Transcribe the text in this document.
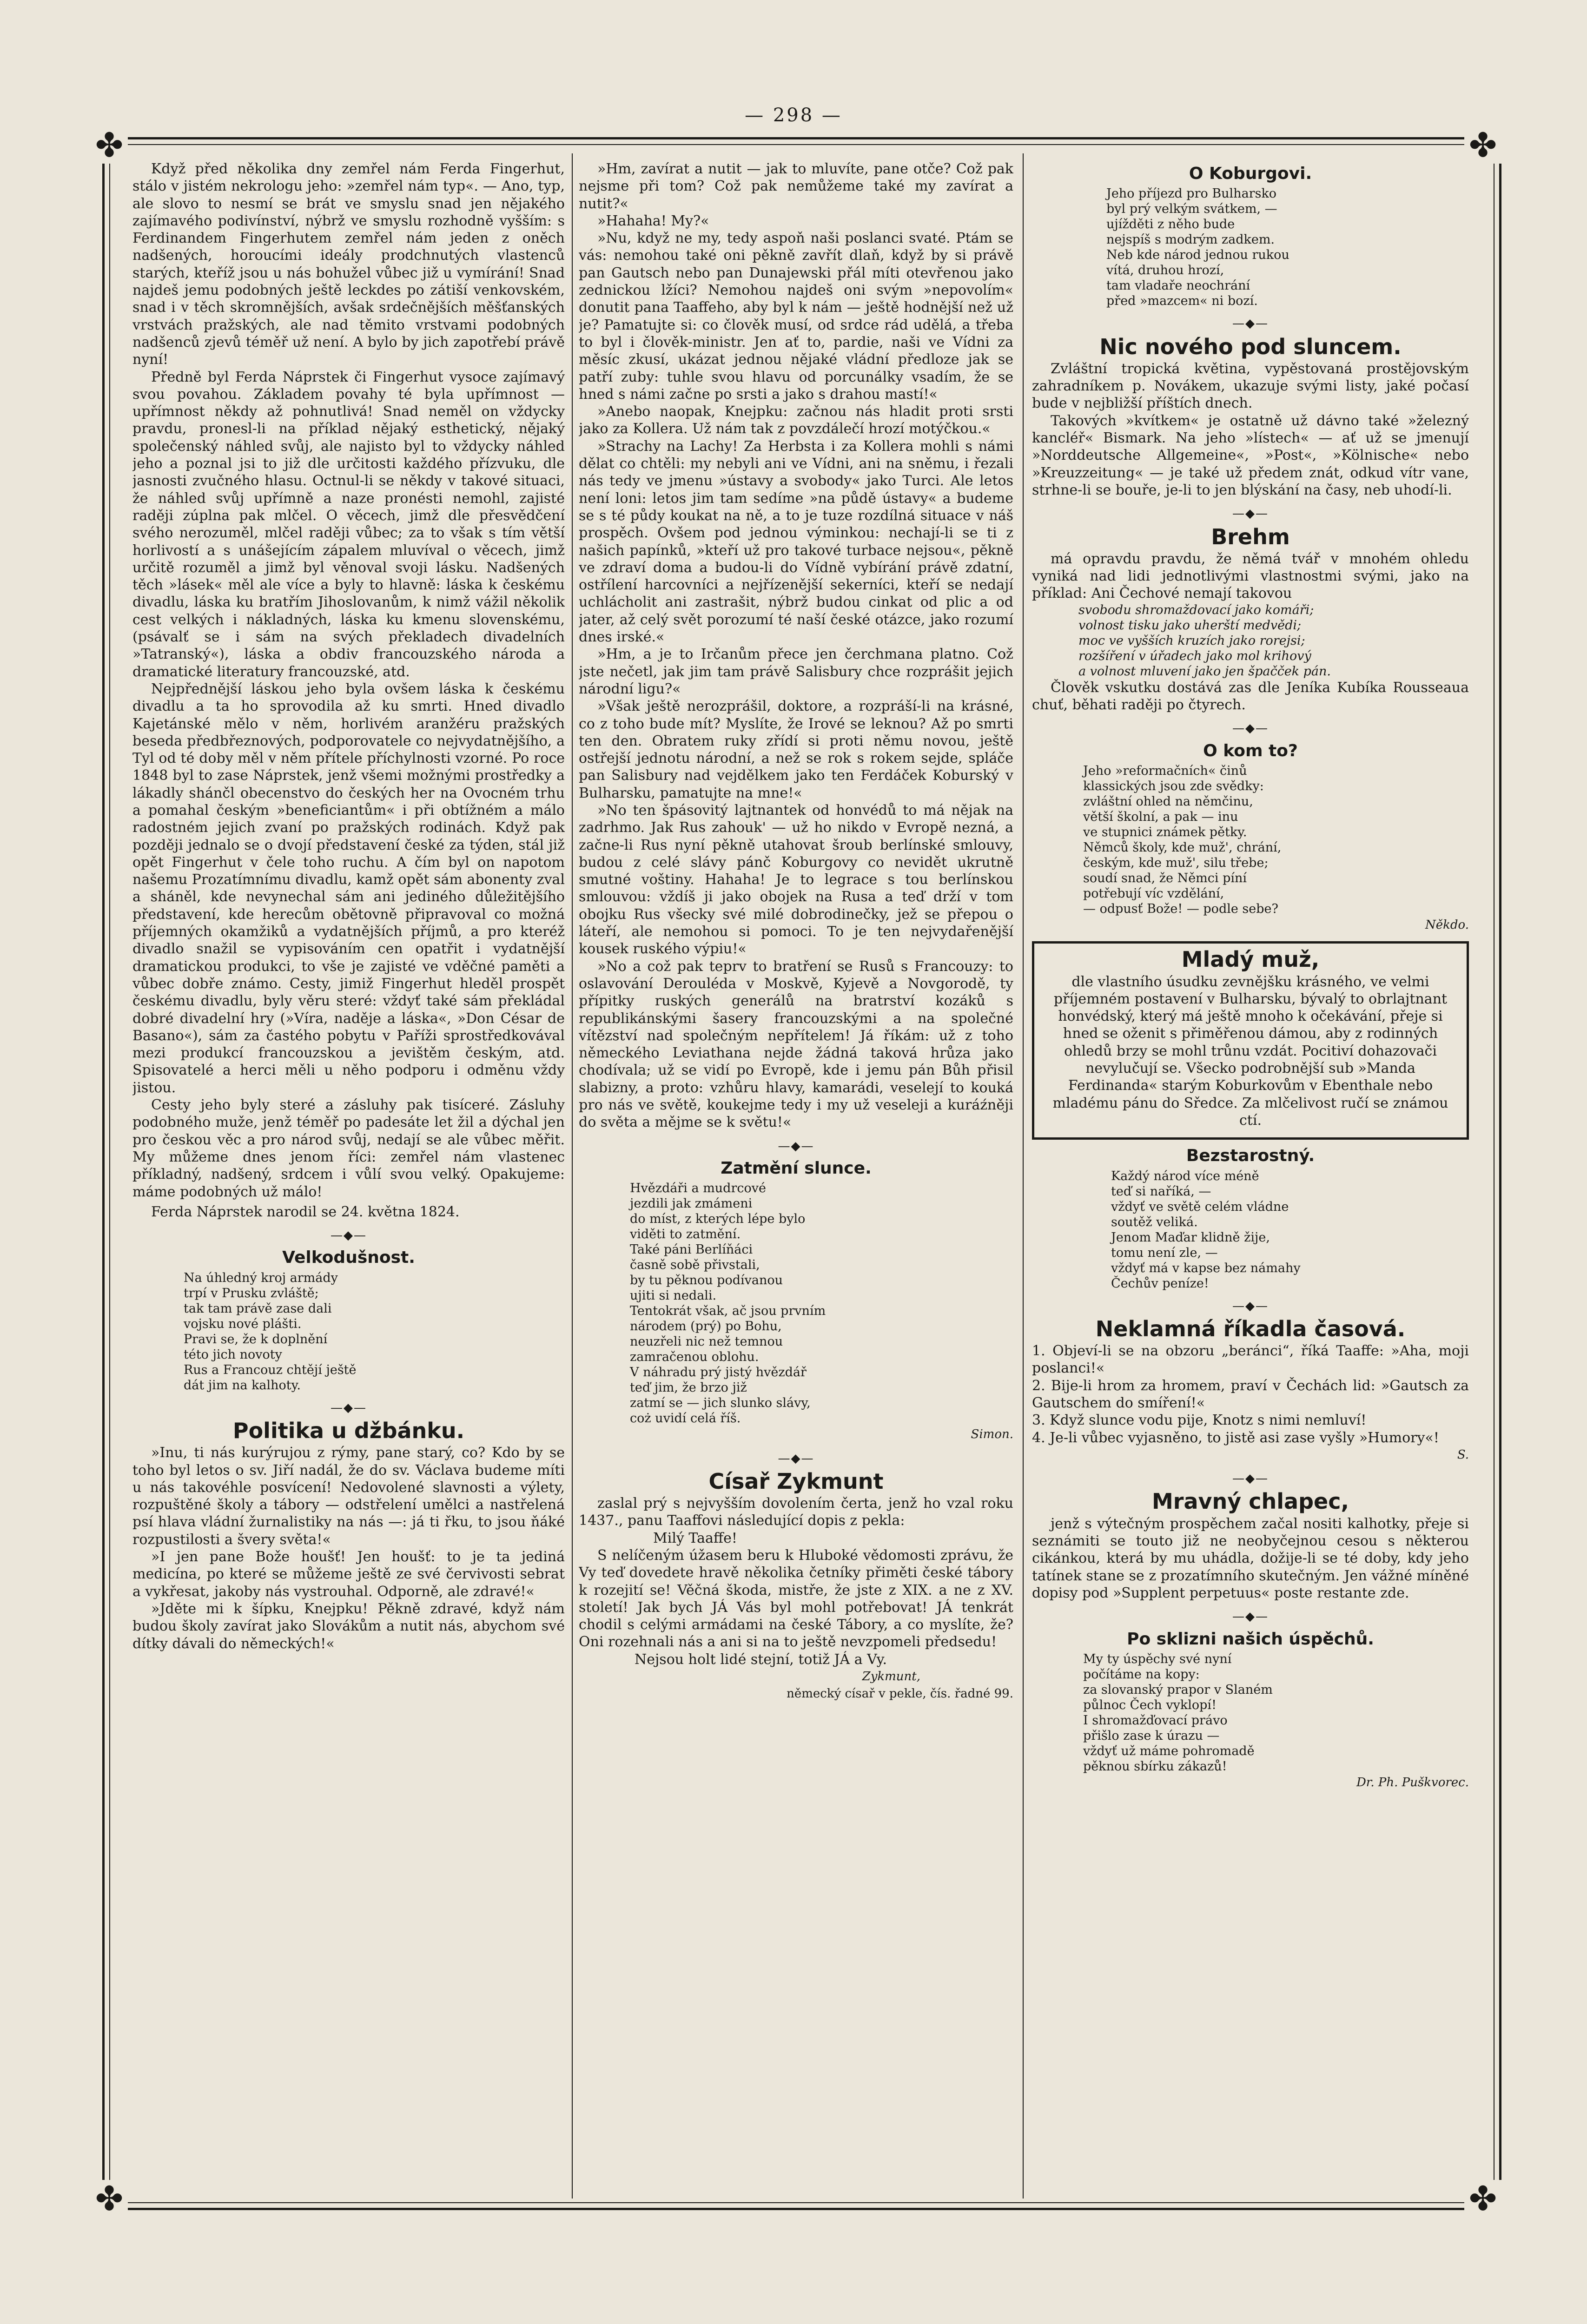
— 298 —
✤	✤
✤	✤

Když před několika dny zemřel nám Ferda Fingerhut, stálo v jistém nekrologu jeho: »zemřel nám typ«. — Ano, typ, ale slovo to nesmí se brát ve smyslu snad jen nějakého zajímavého podivínství, nýbrž ve smyslu rozhodně vyšším: s Ferdinandem Fingerhutem zemřel nám jeden z oněch nadšených, horoucími ideály prodchnutých vlastenců starých, kteříž jsou u nás bohužel vůbec již u vymírání! Snad najdeš jemu podobných ještě leckdes po zátiší venkovském, snad i v těch skromnějších, avšak srdečnějších měšťanských vrstvách pražských, ale nad těmito vrstvami podobných nadšenců zjevů téměř už není. A bylo by jich zapotřebí právě nyní!

Předně byl Ferda Náprstek či Fingerhut vysoce zajímavý svou povahou. Základem povahy té byla upřímnost — upřímnost někdy až pohnutlivá! Snad neměl on vždycky pravdu, pronesl-li na příklad nějaký esthetický, nějaký společenský náhled svůj, ale najisto byl to vždycky náhled jeho a poznal jsi to již dle určitosti každého přízvuku, dle jasnosti zvučného hlasu. Octnul-li se někdy v takové situaci, že náhled svůj upřímně a naze pronésti nemohl, zajisté raději zúplna pak mlčel. O věcech, jimž dle přesvědčení svého nerozuměl, mlčel raději vůbec; za to však s tím větší horlivostí a s unášejícím zápalem mluvíval o věcech, jimž určitě rozuměl a jimž byl věnoval svoji lásku. Nadšených těch »lásek« měl ale více a byly to hlavně: láska k českému divadlu, láska ku bratřím Jihoslovanům, k nimž vážil několik cest velkých i nákladných, láska ku kmenu slovenskému, (psávalť se i sám na svých překladech divadelních »Tatranský«), láska a obdiv francouzského národa a dramatické literatury francouzské, atd.

Nejpřednější láskou jeho byla ovšem láska k českému divadlu a ta ho sprovodila až ku smrti. Hned divadlo Kajetánské mělo v něm, horlivém aranžéru pražských beseda předbřeznových, podporovatele co nejvydatnějšího, a Tyl od té doby měl v něm přítele příchylnosti vzorné. Po roce 1848 byl to zase Náprstek, jenž všemi možnými prostředky a lákadly shánčl obecenstvo do českých her na Ovocném trhu a pomahal českým »beneficiantům« i při obtížném a málo radostném jejich zvaní po pražských rodinách. Když pak později jednalo se o dvojí představení české za týden, stál již opět Fingerhut v čele toho ruchu. A čím byl on napotom našemu Prozatímnímu divadlu, kamž opět sám abonenty zval a sháněl, kde nevynechal sám ani jediného důležitějšího představení, kde herecům obětovně připravoval co možná příjemných okamžiků a vydatnějších příjmů, a pro kteréž divadlo snažil se vypisováním cen opatřit i vydatnější dramatickou produkci, to vše je zajisté ve vděčné paměti a vůbec dobře známo. Cesty, jimiž Fingerhut hleděl prospět českému divadlu, byly věru steré: vždyť také sám překládal dobré divadelní hry (»Víra, naděje a láska«, »Don César de Basano«), sám za častého pobytu v Paříži sprostředkovával mezi produkcí francouzskou a jevištěm českým, atd. Spisovatelé a herci měli u něho podporu i odměnu vždy jistou.

Cesty jeho byly steré a zásluhy pak tisíceré. Zásluhy podobného muže, jenž téměř po padesáte let žil a dýchal jen pro českou věc a pro národ svůj, nedají se ale vůbec měřit. My můžeme dnes jenom říci: zemřel nám vlastenec příkladný, nadšený, srdcem i vůlí svou velký. Opakujeme: máme podobných už málo!

Ferda Náprstek narodil se 24. května 1824.

—◆—
Velkodušnost.
Na úhledný kroj armády
trpí v Prusku zvláště;
tak tam právě zase dali
vojsku nové plášti.
Pravi se, že k doplnění
této jich novoty
Rus a Francouz chtějí ještě
dát jim na kalhoty.
—◆—
Politika u džbánku.

»Inu, ti nás kurýrujou z rýmy, pane starý, co? Kdo by se toho byl letos o sv. Jiří nadál, že do sv. Václava budeme míti u nás takovéhle posvícení! Nedovolené slavnosti a výlety, rozpuštěné školy a tábory — odstřelení umělci a nastřelená psí hlava vládní žurnalistiky na nás —: já ti řku, to jsou ňáké rozpustilosti a švery světa!«

»I jen pane Bože houšť! Jen houšť: to je ta jediná medicína, po které se můžeme ještě ze své červivosti sebrat a vykřesat, jakoby nás vystrouhal. Odporně, ale zdravé!«

»Jděte mi k šípku, Knejpku! Pěkně zdravé, když nám budou školy zavírat jako Slovákům a nutit nás, abychom své dítky dávali do německých!«

»Hm, zavírat a nutit — jak to mluvíte, pane otče? Což pak nejsme při tom? Což pak nemůžeme také my zavírat a nutit?«

»Hahaha! My?«

»Nu, když ne my, tedy aspoň naši poslanci svaté. Ptám se vás: nemohou také oni pěkně zavřít dlaň, když by si právě pan Gautsch nebo pan Dunajewski přál míti otevřenou jako zednickou lžíci? Nemohou najdeš oni svým »nepovolím« donutit pana Taaffeho, aby byl k nám — ještě hodnější než už je? Pamatujte si: co člověk musí, od srdce rád udělá, a třeba to byl i člověk-ministr. Jen ať to, pardie, naši ve Vídni za měsíc zkusí, ukázat jednou nějaké vládní předloze jak se patří zuby: tuhle svou hlavu od porcunálky vsadím, že se hned s námi začne po srsti a jako s drahou mastí!«

»Anebo naopak, Knejpku: začnou nás hladit proti srsti jako za Kollera. Už nám tak z povzdálečí hrozí motýčkou.«

»Strachy na Lachy! Za Herbsta i za Kollera mohli s námi dělat co chtěli: my nebyli ani ve Vídni, ani na sněmu, i řezali nás tedy ve jmenu »ústavy a svobody« jako Turci. Ale letos není loni: letos jim tam sedíme »na půdě ústavy« a budeme se s té půdy koukat na ně, a to je tuze rozdílná situace v náš prospěch. Ovšem pod jednou výminkou: nechají-li se ti z našich papínků, »kteří už pro takové turbace nejsou«, pěkně ve zdraví doma a budou-li do Vídně vybírání právě zdatní, ostřílení harcovníci a nejřízenější sekerníci, kteří se nedají uchlácholit ani zastrašit, nýbrž budou cinkat od plic a od jater, až celý svět porozumí té naší české otázce, jako rozumí dnes irské.«

»Hm, a je to Irčanům přece jen čerchmana platno. Což jste nečetl, jak jim tam právě Salisbury chce rozprášit jejich národní ligu?«

»Však ještě nerozprášil, doktore, a rozpráší-li na krásné, co z toho bude mít? Myslíte, že Irové se leknou? Až po smrti ten den. Obratem ruky zřídí si proti němu novou, ještě ostřejší jednotu národní, a než se rok s rokem sejde, spláče pan Salisbury nad vejdělkem jako ten Ferdáček Koburský v Bulharsku, pamatujte na mne!«

»No ten špásovitý lajtnantek od honvédů to má nějak na zadrhmo. Jak Rus zahouk' — už ho nikdo v Evropě nezná, a začne-li Rus nyní pěkně utahovat šroub berlínské smlouvy, budou z celé slávy pánč Koburgovy co nevidět ukrutně smutné voštiny. Hahaha! Je to legrace s tou berlínskou smlouvou: vždíš ji jako obojek na Rusa a teď drží v tom obojku Rus všecky své milé dobrodinečky, jež se přepou o láteří, ale nemohou si pomoci. To je ten nejvydařenější kousek ruského výpiu!«

»No a což pak teprv to bratření se Rusů s Francouzy: to oslavování Derouléda v Moskvě, Kyjevě a Novgorodě, ty přípitky ruských generálů na bratrství kozáků s republikánskými šasery francouzskými a na společné vítězství nad společným nepřítelem! Já říkám: už z toho německého Leviathana nejde žádná taková hrůza jako chodívala; už se vidí po Evropě, kde i jemu pán Bůh přisil slabizny, a proto: vzhůru hlavy, kamarádi, veselejí to kouká pro nás ve světě, koukejme tedy i my už veseleji a kuráźněji do světa a mějme se k světu!«

—◆—
Zatmění slunce.
Hvězdáři a mudrcové
jezdili jak zmámeni
do míst, z kterých lépe bylo
viděti to zatmění.
Také páni Berlíňáci
časně sobě přivstali,
by tu pěknou podívanou
ujiti si nedali.
Tentokrát však, ač jsou prvním
národem (prý) po Bohu,
neuzřeli nic než temnou
zamračenou oblohu.
V náhradu prý jistý hvězdář
teď jim, že brzo již
zatmí se — jich slunko slávy,
coż uvidí celá říš.
Simon.
—◆—
Císař Zykmunt

zaslal prý s nejvyšším dovolením čerta, jenž ho vzal roku 1437., panu Taaffovi následující dopis z pekla:

Milý Taaffe!

S nelíčeným úžasem beru k Hluboké vědomosti zprávu, že Vy teď dovedete hravě několika četníky přiměti české tábory k rozejití se! Věčná škoda, mistře, že jste z XIX. a ne z XV. století! Jak bych JÁ Vás byl mohl potřebovat! JÁ tenkrát chodil s celými armádami na české Tábory, a co myslíte, že? Oni rozehnali nás a ani si na to ještě nevzpomeli předsedu!

Nejsou holt lidé stejní, totiž JÁ a Vy.

Zykmunt,
německý císař v pekle, čís. řadné 99.
O Koburgovi.
Jeho příjezd pro Bulharsko
byl prý velkým svátkem, —
ujížděti z něho bude
nejspíš s modrým zadkem.
Neb kde národ jednou rukou
vítá, druhou hrozí,
tam vladaře neochrání
před »mazcem« ni bozí.
—◆—
Nic nového pod sluncem.

Zvláštní tropická květina, vypěstovaná prostějovským zahradníkem p. Novákem, ukazuje svými listy, jaké počasí bude v nejbližší příštích dnech.

Takových »kvítkem« je ostatně už dávno také »železný kancléř« Bismark. Na jeho »lístech« — ať už se jmenují »Norddeutsche Allgemeine«, »Post«, »Kölnische« nebo »Kreuzzeitung« — je také už předem znát, odkud vítr vane, strhne-li se bouře, je-li to jen blýskání na časy, neb uhodí-li.

—◆—
Brehm

má opravdu pravdu, že němá tvář v mnohém ohledu vyniká nad lidi jednotlivými vlastnostmi svými, jako na příklad: Ani Čechové nemají takovou

svobodu shromaždovací jako komáři;
volnost tisku jako uherští medvědi;
moc ve vyšších kruzích jako rorejsi;
rozšíření v úřadech jako mol krihový
a volnost mluvení jako jen špačček pán.

Člověk vskutku dostává zas dle Jeníka Kubíka Rousseaua chuť, běhati raději po čtyrech.

—◆—
O kom to?
Jeho »reformačních« činů
klassických jsou zde svědky:
zvláštní ohled na němčinu,
větší školní, a pak — inu
ve stupnici známek pětky.
Němců školy, kde muž', chrání,
českým, kde muž', silu třebe;
soudí snad, že Němci píní
potřebují víc vzdělání,
— odpusť Bože! — podle sebe?
Někdo.
Mladý muž,

dle vlastního úsudku zevnějšku krásného, ve velmi příjemném postavení v Bulharsku, bývalý to obrlajtnant honvédský, který má ještě mnoho k očekávání, přeje si hned se oženit s přiměřenou dámou, aby z rodinných ohledů brzy se mohl trůnu vzdát. Pocitiví dohazovači nevyluč̌ují se. Všecko podrobnější sub »Manda Ferdinanda« starým Koburkovům v Ebenthale nebo mladému pánu do Sředce. Za mlčelivost ručí se známou ctí.

Bezstarostný.
Každý národ více méně
teď si naříká, —
vždyť ve světě celém vládne
soutěž veliká.
Jenom Maďar klidně žije,
tomu není zle, —
vždyť má v kapse bez námahy
Čechův peníze!
—◆—
Neklamná říkadla časová.

1. Objeví-li se na obzoru „beránci“, říká Taaffe: »Aha, moji poslanci!«

2. Bije-li hrom za hromem, praví v Čechách lid: »Gautsch za Gautschem do smíření!«

3. Když slunce vodu pije, Knotz s nimi nemluví!

4. Je-li vůbec vyjasněno, to jistě asi zase vyšly »Humory«!

S.
—◆—
Mravný chlapec,

jenž s výtečným prospěchem začal nositi kalhotky, přeje si seznámiti se touto již ne neobyčejnou cesou s některou cikánkou, která by mu uhádla, dožije-li se té doby, kdy jeho tatínek stane se z prozatímního skutečným. Jen vážné míněné dopisy pod »Supplent perpetuus« poste restante zde.

—◆—
Po sklizni našich úspěchů.
My ty úspěchy své nyní
počítáme na kopy:
za slovanský prapor v Slaném
půlnoc Čech vyklopí!
I shromažďovací právo
přišlo zase k úrazu —
vždyť už máme pohromadě
pěknou sbírku zákazů!
Dr. Ph. Puškvorec.
